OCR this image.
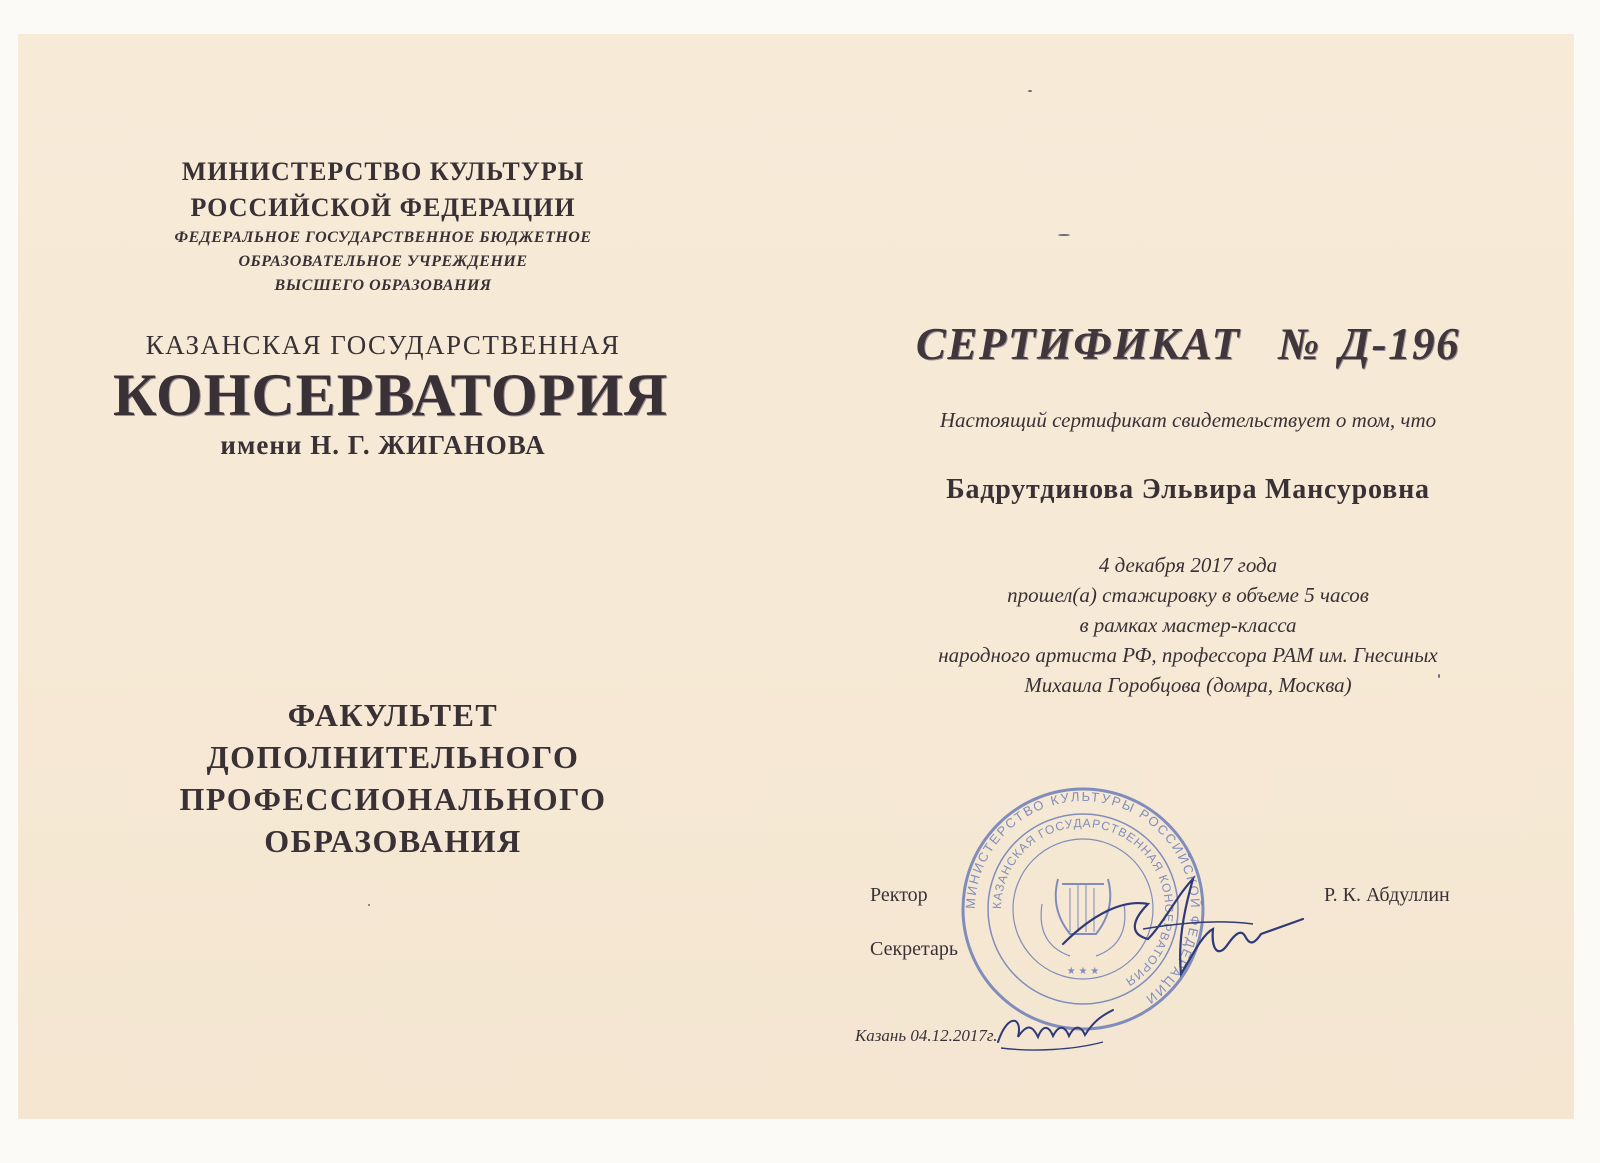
МИНИСТЕРСТВО КУЛЬТУРЫ
РОССИЙСКОЙ ФЕДЕРАЦИИ
ФЕДЕРАЛЬНОЕ ГОСУДАРСТВЕННОЕ БЮДЖЕТНОЕ
ОБРАЗОВАТЕЛЬНОЕ УЧРЕЖДЕНИЕ
ВЫСШЕГО ОБРАЗОВАНИЯ
КАЗАНСКАЯ ГОСУДАРСТВЕННАЯ
КОНСЕРВАТОРИЯ
имени Н. Г. ЖИГАНОВА
ФАКУЛЬТЕТ
ДОПОЛНИТЕЛЬНОГО
ПРОФЕССИОНАЛЬНОГО
ОБРАЗОВАНИЯ
СЕРТИФИКАТ  № Д-196
Настоящий сертификат свидетельствует о том, что
Бадрутдинова Эльвира Мансуровна
4 декабря 2017 года
прошел(а) стажировку в объеме 5 часов
в рамках мастер-класса
народного артиста РФ, профессора РАМ им. Гнесиных
Михаила Горобцова (домра, Москва)
★ ★ ★
МИНИСТЕРСТВО КУЛЬТУРЫ РОССИЙСКОЙ ФЕДЕРАЦИИ
КАЗАНСКАЯ ГОСУДАРСТВЕННАЯ КОНСЕРВАТОРИЯ
Ректор	Р. К. Абдуллин
Секретарь
Казань 04.12.2017г.
